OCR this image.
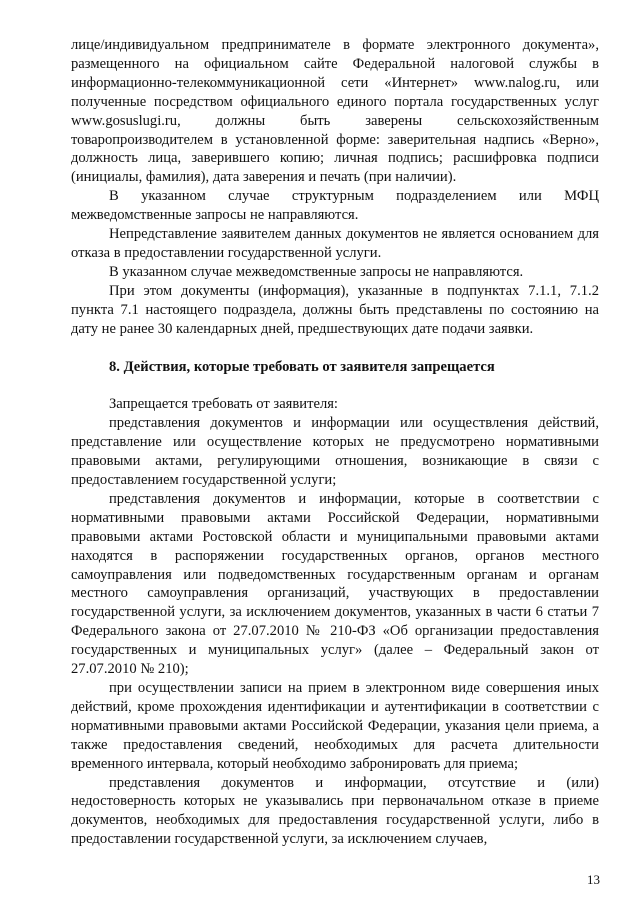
лице/индивидуальном предпринимателе в формате электронного документа», размещенного на официальном сайте Федеральной налоговой службы в информационно-телекоммуникационной сети «Интернет» www.nalog.ru, или полученные посредством официального единого портала государственных услуг www.gosuslugi.ru, должны быть заверены сельскохозяйственным товаропроизводителем в установленной форме: заверительная надпись «Верно», должность лица, заверившего копию; личная подпись; расшифровка подписи (инициалы, фамилия), дата заверения и печать (при наличии).

В указанном случае структурным подразделением или МФЦ межведомственные запросы не направляются.

Непредставление заявителем данных документов не является основанием для отказа в предоставлении государственной услуги.

В указанном случае межведомственные запросы не направляются.

При этом документы (информация), указанные в подпунктах 7.1.1, 7.1.2 пункта 7.1 настоящего подраздела, должны быть представлены по состоянию на дату не ранее 30 календарных дней, предшествующих дате подачи заявки.

8. Действия, которые требовать от заявителя запрещается

Запрещается требовать от заявителя:

представления документов и информации или осуществления действий, представление или осуществление которых не предусмотрено нормативными правовыми актами, регулирующими отношения, возникающие в связи с предоставлением государственной услуги;

представления документов и информации, которые в соответствии с нормативными правовыми актами Российской Федерации, нормативными правовыми актами Ростовской области и муниципальными правовыми актами находятся в распоряжении государственных органов, органов местного самоуправления или подведомственных государственным органам и органам местного самоуправления организаций, участвующих в предоставлении государственной услуги, за исключением документов, указанных в части 6 статьи 7 Федерального закона от 27.07.2010 № 210-ФЗ «Об организации предоставления государственных и муниципальных услуг» (далее – Федеральный закон от 27.07.2010 № 210);

при осуществлении записи на прием в электронном виде совершения иных действий, кроме прохождения идентификации и аутентификации в соответствии с нормативными правовыми актами Российской Федерации, указания цели приема, а также предоставления сведений, необходимых для расчета длительности временного интервала, который необходимо забронировать для приема;

представления документов и информации, отсутствие и (или) недостоверность которых не указывались при первоначальном отказе в приеме документов, необходимых для предоставления государственной услуги, либо в предоставлении государственной услуги, за исключением случаев,

13
